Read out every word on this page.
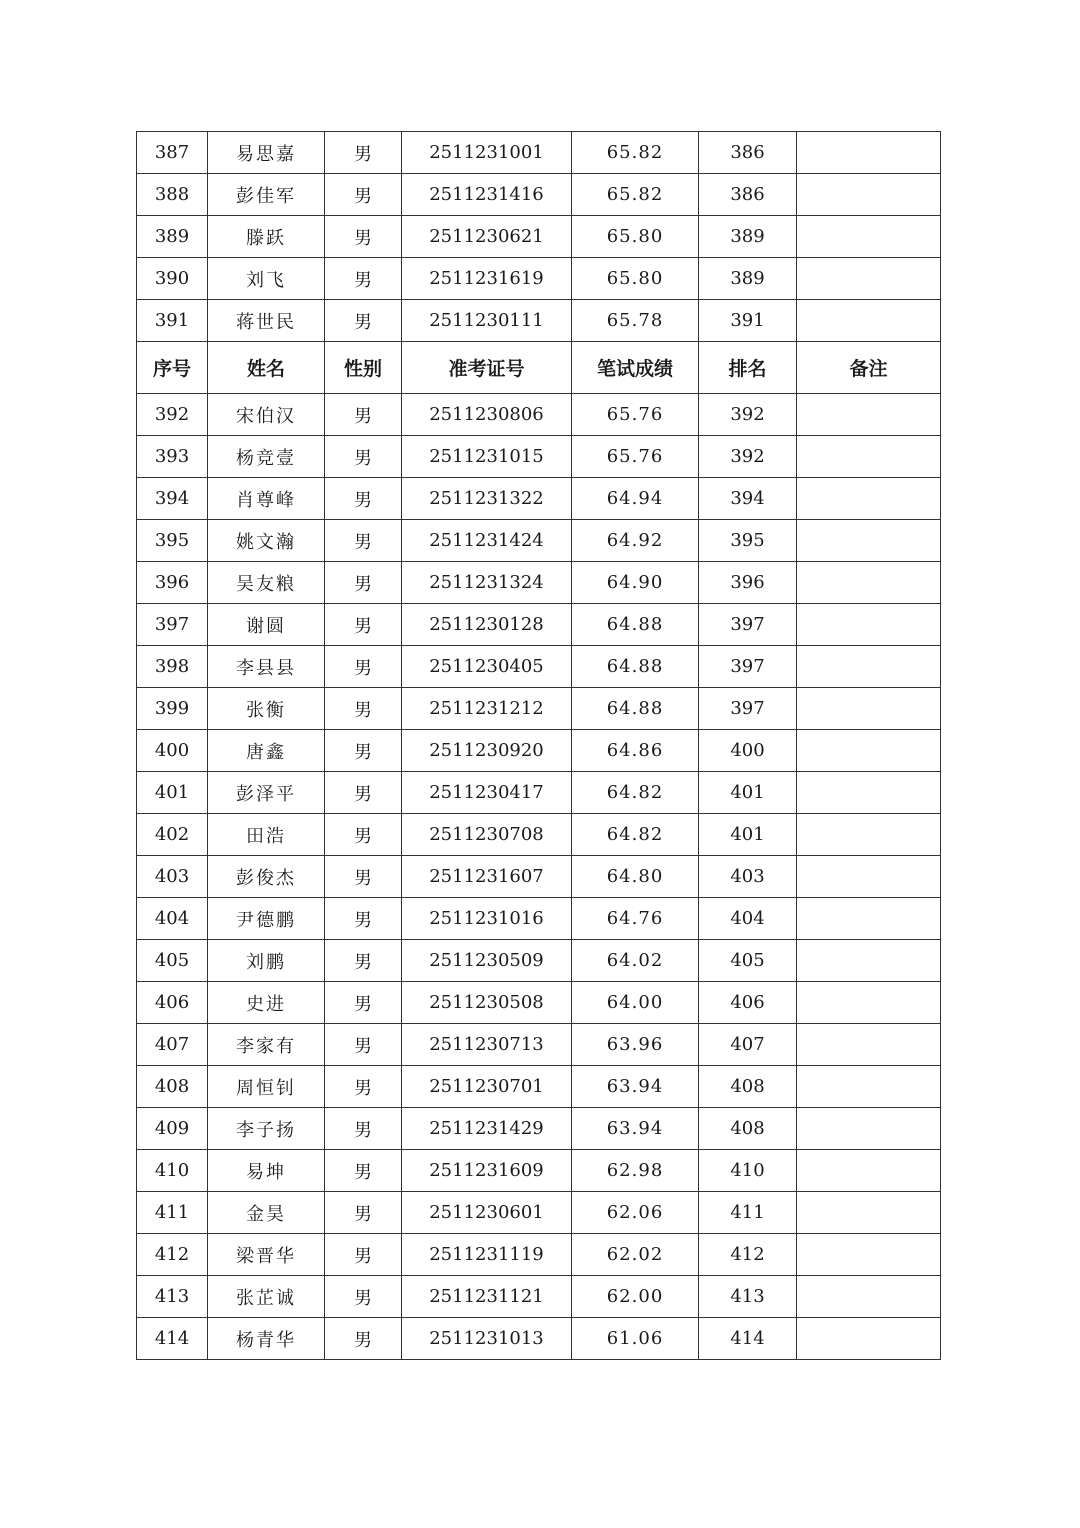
387	易思嘉	男	2511231001	65.82	386	
388	彭佳军	男	2511231416	65.82	386	
389	滕跃	男	2511230621	65.80	389	
390	刘飞	男	2511231619	65.80	389	
391	蒋世民	男	2511230111	65.78	391	
序号	姓名	性别	准考证号	笔试成绩	排名	备注
392	宋伯汉	男	2511230806	65.76	392	
393	杨竞壹	男	2511231015	65.76	392	
394	肖尊峰	男	2511231322	64.94	394	
395	姚文瀚	男	2511231424	64.92	395	
396	吴友粮	男	2511231324	64.90	396	
397	谢圆	男	2511230128	64.88	397	
398	李县县	男	2511230405	64.88	397	
399	张衡	男	2511231212	64.88	397	
400	唐鑫	男	2511230920	64.86	400	
401	彭泽平	男	2511230417	64.82	401	
402	田浩	男	2511230708	64.82	401	
403	彭俊杰	男	2511231607	64.80	403	
404	尹德鹏	男	2511231016	64.76	404	
405	刘鹏	男	2511230509	64.02	405	
406	史进	男	2511230508	64.00	406	
407	李家有	男	2511230713	63.96	407	
408	周恒钊	男	2511230701	63.94	408	
409	李子扬	男	2511231429	63.94	408	
410	易坤	男	2511231609	62.98	410	
411	金昊	男	2511230601	62.06	411	
412	梁晋华	男	2511231119	62.02	412	
413	张芷诚	男	2511231121	62.00	413	
414	杨青华	男	2511231013	61.06	414	
